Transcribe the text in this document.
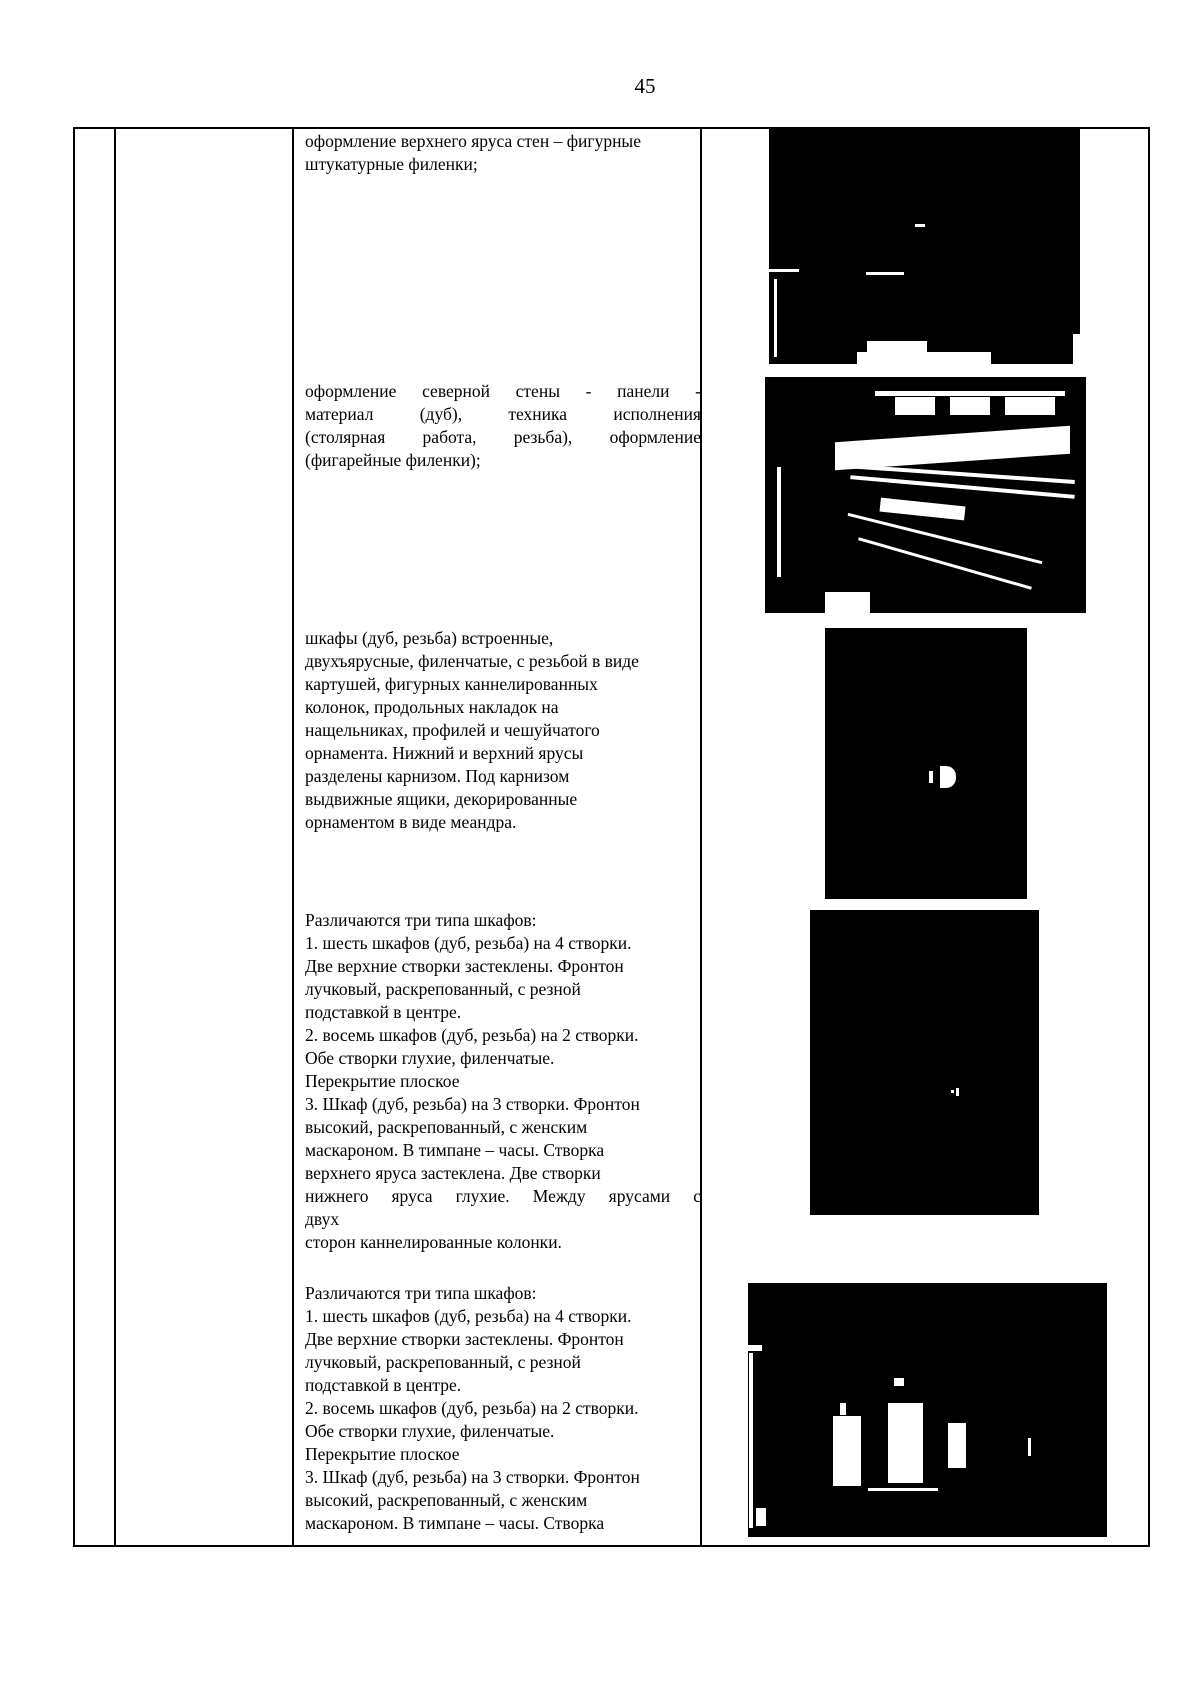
45

оформление верхнего яруса стен – фигурные

штукатурные филенки;

оформление северной стены - панели -

материал (дуб), техника исполнения

(столярная работа, резьба), оформление

(фигарейные филенки);

шкафы (дуб, резьба) встроенные,

двухъярусные, филенчатые, с резьбой в виде

картушей, фигурных каннелированных

колонок, продольных накладок на

нащельниках, профилей и чешуйчатого

орнамента. Нижний и верхний ярусы

разделены карнизом. Под карнизом

выдвижные ящики, декорированные

орнаментом в виде меандра.

Различаются три типа шкафов:

1. шесть шкафов (дуб, резьба) на 4 створки.

Две верхние створки застеклены. Фронтон

лучковый, раскрепованный, с резной

подставкой в центре.

2. восемь шкафов (дуб, резьба) на 2 створки.

Обе створки глухие, филенчатые.

Перекрытие плоское

3. Шкаф (дуб, резьба) на 3 створки. Фронтон

высокий, раскрепованный, с женским

маскароном. В тимпане – часы. Створка

верхнего яруса застеклена. Две створки

нижнего яруса глухие. Между ярусами с

двух

сторон каннелированные колонки.

Различаются три типа шкафов:

1. шесть шкафов (дуб, резьба) на 4 створки.

Две верхние створки застеклены. Фронтон

лучковый, раскрепованный, с резной

подставкой в центре.

2. восемь шкафов (дуб, резьба) на 2 створки.

Обе створки глухие, филенчатые.

Перекрытие плоское

3. Шкаф (дуб, резьба) на 3 створки. Фронтон

высокий, раскрепованный, с женским

маскароном. В тимпане – часы. Створка
